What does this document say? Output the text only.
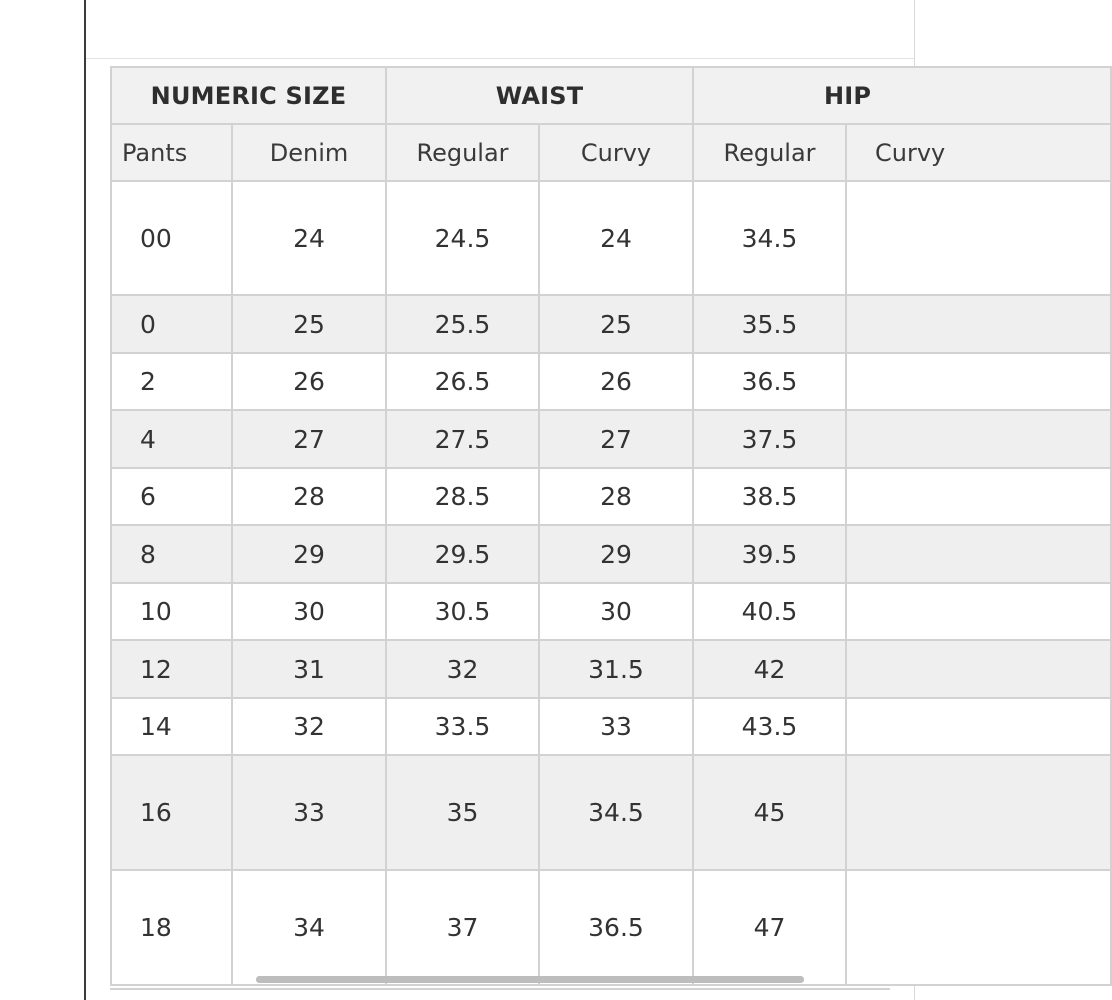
NUMERIC SIZE		WAIST		HIP	
Pants	Denim	Regular	Curvy	Regular	Curvy
00	24	24.5	24	34.5	
0	25	25.5	25	35.5	
2	26	26.5	26	36.5	
4	27	27.5	27	37.5	
6	28	28.5	28	38.5	
8	29	29.5	29	39.5	
10	30	30.5	30	40.5	
12	31	32	31.5	42	
14	32	33.5	33	43.5	
16	33	35	34.5	45	
18	34	37	36.5	47	
